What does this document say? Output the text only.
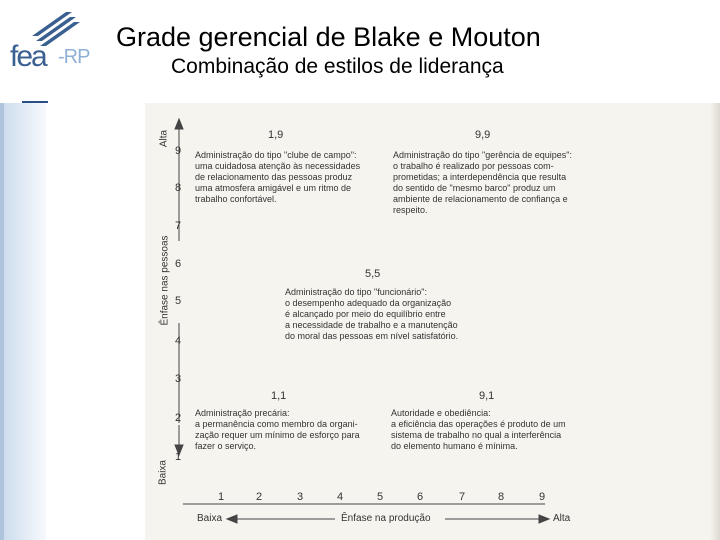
fea -RP
Grade gerencial de Blake e Mouton
Combinação de estilos de liderança
Alta
Ênfase nas pessoas
Baixa
9
8
7
6
5
4
3
2
1
1	2	3	4	5	6	7	8	9
Baixa	Ênfase na produção	Alta
1,9
Administração do tipo "clube de campo":
uma cuidadosa atenção às necessidades
de relacionamento das pessoas produz
uma atmosfera amigável e um ritmo de
trabalho confortável.
9,9
Administração do tipo "gerência de equipes":
o trabalho é realizado por pessoas com-
prometidas; a interdependência que resulta
do sentido de "mesmo barco" produz um
ambiente de relacionamento de confiança e
respeito.
5,5
Administração do tipo "funcionário":
o desempenho adequado da organização
é alcançado por meio do equilíbrio entre
a necessidade de trabalho e a manutenção
do moral das pessoas em nível satisfatório.
1,1
Administração precária:
a permanência como membro da organi-
zação requer um mínimo de esforço para
fazer o serviço.
9,1
Autoridade e obediência:
a eficiência das operações é produto de um
sistema de trabalho no qual a interferência
do elemento humano é mínima.
